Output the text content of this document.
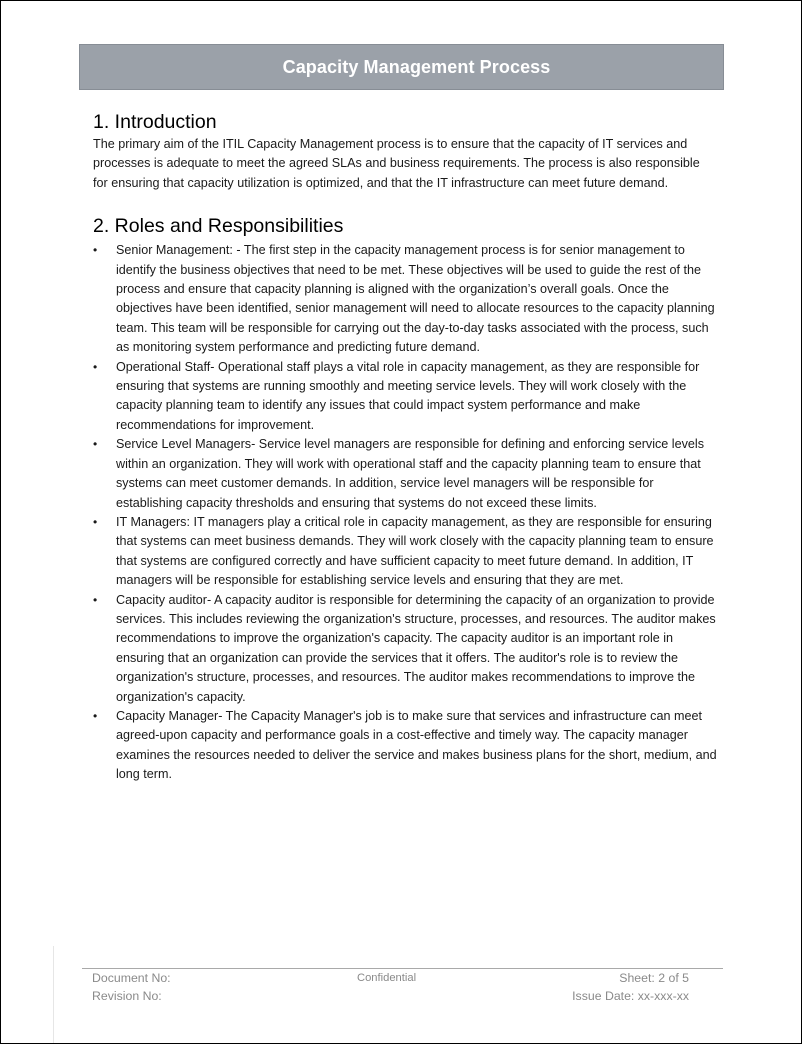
Capacity Management Process
1. Introduction

The primary aim of the ITIL Capacity Management process is to ensure that the capacity of IT services and processes is adequate to meet the agreed SLAs and business requirements. The process is also responsible for ensuring that capacity utilization is optimized, and that the IT infrastructure can meet future demand.

2. Roles and Responsibilities
• Senior Management: - The first step in the capacity management process is for senior management to identify the business objectives that need to be met. These objectives will be used to guide the rest of the process and ensure that capacity planning is aligned with the organization’s overall goals. Once the objectives have been identified, senior management will need to allocate resources to the capacity planning team. This team will be responsible for carrying out the day-to-day tasks associated with the process, such as monitoring system performance and predicting future demand.
• Operational Staff- Operational staff plays a vital role in capacity management, as they are responsible for ensuring that systems are running smoothly and meeting service levels. They will work closely with the capacity planning team to identify any issues that could impact system performance and make recommendations for improvement.
• Service Level Managers- Service level managers are responsible for defining and enforcing service levels within an organization. They will work with operational staff and the capacity planning team to ensure that systems can meet customer demands. In addition, service level managers will be responsible for establishing capacity thresholds and ensuring that systems do not exceed these limits.
• IT Managers: IT managers play a critical role in capacity management, as they are responsible for ensuring that systems can meet business demands. They will work closely with the capacity planning team to ensure that systems are configured correctly and have sufficient capacity to meet future demand. In addition, IT managers will be responsible for establishing service levels and ensuring that they are met.
• Capacity auditor- A capacity auditor is responsible for determining the capacity of an organization to provide services. This includes reviewing the organization's structure, processes, and resources. The auditor makes recommendations to improve the organization's capacity. The capacity auditor is an important role in ensuring that an organization can provide the services that it offers. The auditor's role is to review the organization's structure, processes, and resources. The auditor makes recommendations to improve the organization's capacity.
• Capacity Manager- The Capacity Manager's job is to make sure that services and infrastructure can meet agreed-upon capacity and performance goals in a cost-effective and timely way. The capacity manager examines the resources needed to deliver the service and makes business plans for the short, medium, and long term.
Document No:	Confidential	Sheet: 2 of 5
Revision No:	Issue Date: xx-xxx-xx
